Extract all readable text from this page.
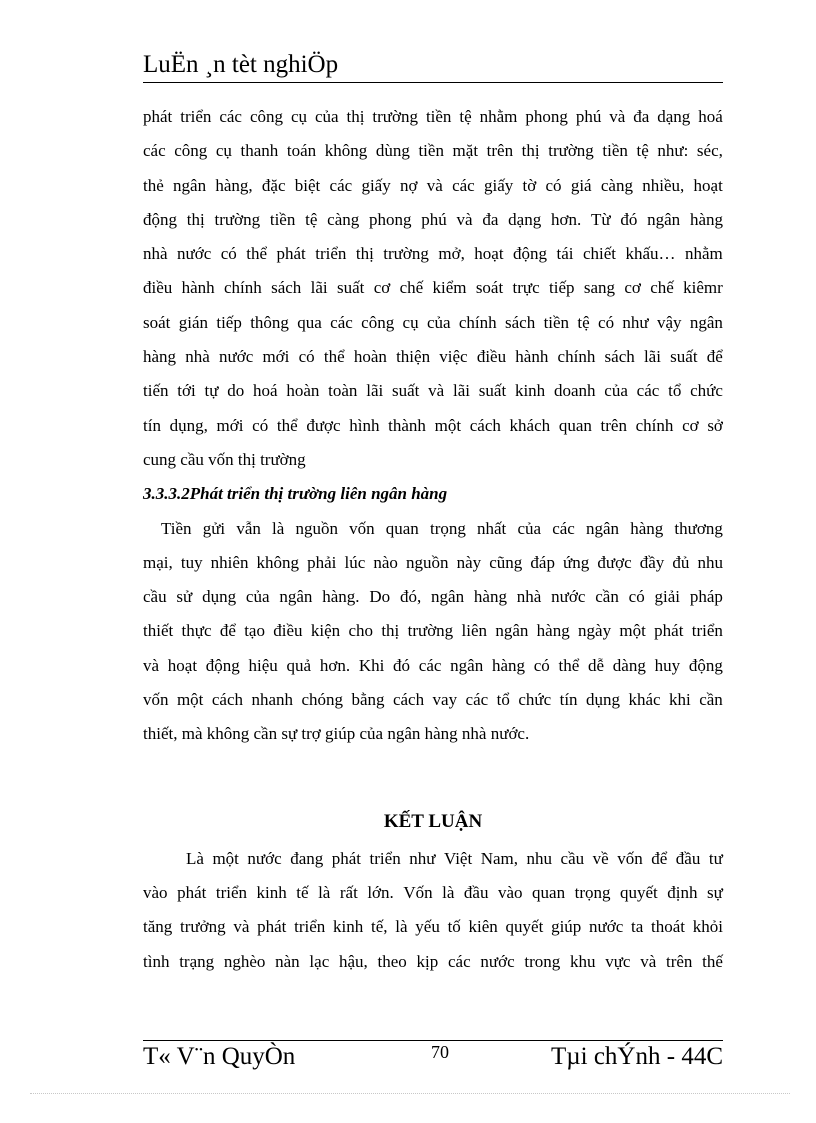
LuËn ¸n tèt nghiÖp
phát triển các công cụ của thị trường tiền tệ nhằm phong phú và đa dạng hoá
các công cụ thanh toán không dùng tiền mặt trên thị trường tiền tệ như: séc,
thẻ ngân hàng, đặc biệt các giấy nợ và các giấy tờ có giá càng nhiều, hoạt
động thị trường tiền tệ càng phong phú và đa dạng hơn. Từ đó ngân hàng
nhà nước có thể phát triển thị trường mở, hoạt động tái chiết khấu… nhằm
điều hành chính sách lãi suất cơ chế kiểm soát trực tiếp sang cơ chế kiêmr
soát gián tiếp thông qua các công cụ của chính sách tiền tệ có như vậy ngân
hàng nhà nước mới có thể hoàn thiện việc điều hành chính sách lãi suất để
tiến tới tự do hoá hoàn toàn lãi suất và lãi suất kinh doanh của các tổ chức
tín dụng, mới có thể được hình thành một cách khách quan trên chính cơ sở
cung cầu vốn thị trường
3.3.3.2Phát triển thị trường liên ngân hàng
Tiền gửi vẫn là nguồn vốn quan trọng nhất của các ngân hàng thương
mại, tuy nhiên không phải lúc nào nguồn này cũng đáp ứng được đầy đủ nhu
cầu sử dụng của ngân hàng. Do đó, ngân hàng nhà nước cần có giải pháp
thiết thực để tạo điều kiện cho thị trường liên ngân hàng ngày một phát triển
và hoạt động hiệu quả hơn. Khi đó các ngân hàng có thể dễ dàng huy động
vốn một cách nhanh chóng bằng cách vay các tổ chức tín dụng khác khi cần
thiết, mà không cần sự trợ giúp của ngân hàng nhà nước.
KẾT LUẬN
Là một nước đang phát triển như Việt Nam, nhu cầu về vốn để đầu tư
vào phát triển kinh tế là rất lớn. Vốn là đầu vào quan trọng quyết định sự
tăng trưởng và phát triển kinh tế, là yếu tố kiên quyết giúp nước ta thoát khỏi
tình trạng nghèo nàn lạc hậu, theo kịp các nước trong khu vực và trên thế
T« V¨n QuyÒn	70	Tµi chÝnh - 44C
